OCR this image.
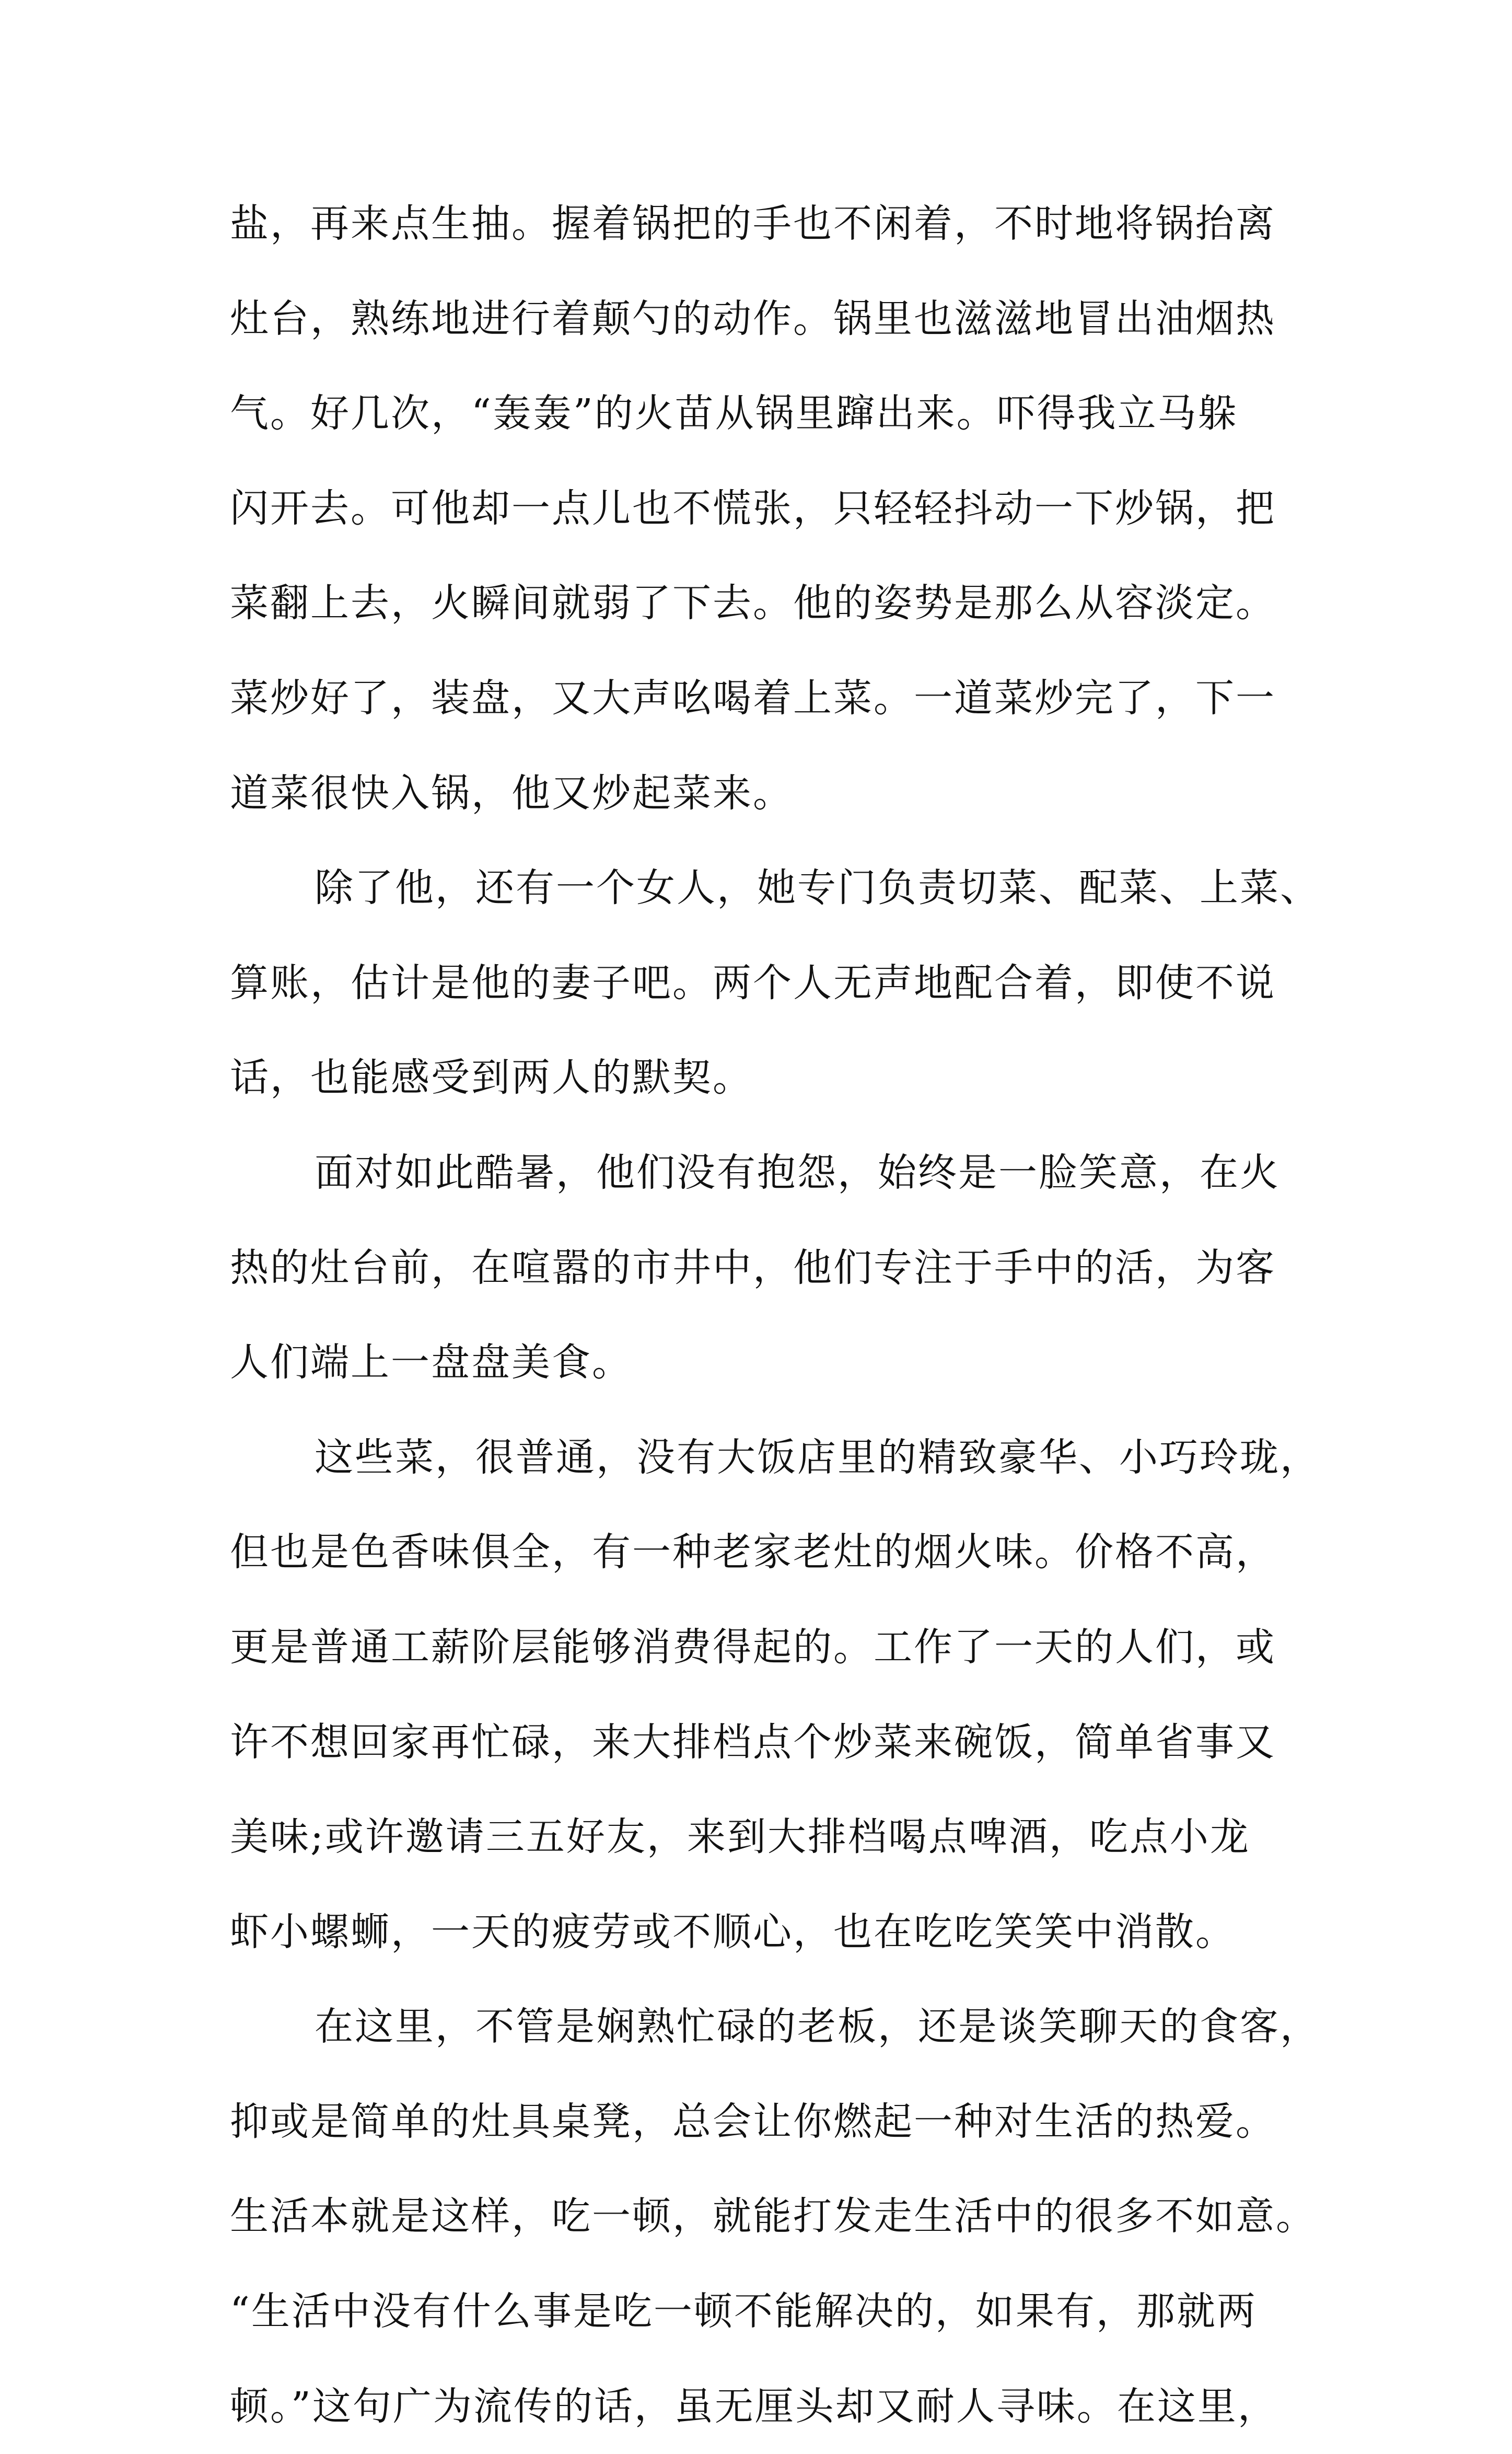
盐，再来点生抽。握着锅把的手也不闲着，不时地将锅抬离
灶台，熟练地进行着颠勺的动作。锅里也滋滋地冒出油烟热
气。好几次，“轰轰”的火苗从锅里蹿出来。吓得我立马躲
闪开去。可他却一点儿也不慌张，只轻轻抖动一下炒锅，把
菜翻上去，火瞬间就弱了下去。他的姿势是那么从容淡定。
菜炒好了，装盘，又大声吆喝着上菜。一道菜炒完了，下一
道菜很快入锅，他又炒起菜来。
除了他，还有一个女人，她专门负责切菜、配菜、上菜、
算账，估计是他的妻子吧。两个人无声地配合着，即使不说
话，也能感受到两人的默契。
面对如此酷暑，他们没有抱怨，始终是一脸笑意，在火
热的灶台前，在喧嚣的市井中，他们专注于手中的活，为客
人们端上一盘盘美食。
这些菜，很普通，没有大饭店里的精致豪华、小巧玲珑，
但也是色香味俱全，有一种老家老灶的烟火味。价格不高，
更是普通工薪阶层能够消费得起的。工作了一天的人们，或
许不想回家再忙碌，来大排档点个炒菜来碗饭，简单省事又
美味;或许邀请三五好友，来到大排档喝点啤酒，吃点小龙
虾小螺蛳，一天的疲劳或不顺心，也在吃吃笑笑中消散。
在这里，不管是娴熟忙碌的老板，还是谈笑聊天的食客，
抑或是简单的灶具桌凳，总会让你燃起一种对生活的热爱。
生活本就是这样，吃一顿，就能打发走生活中的很多不如意。
“生活中没有什么事是吃一顿不能解决的，如果有，那就两
顿。”这句广为流传的话，虽无厘头却又耐人寻味。在这里，
